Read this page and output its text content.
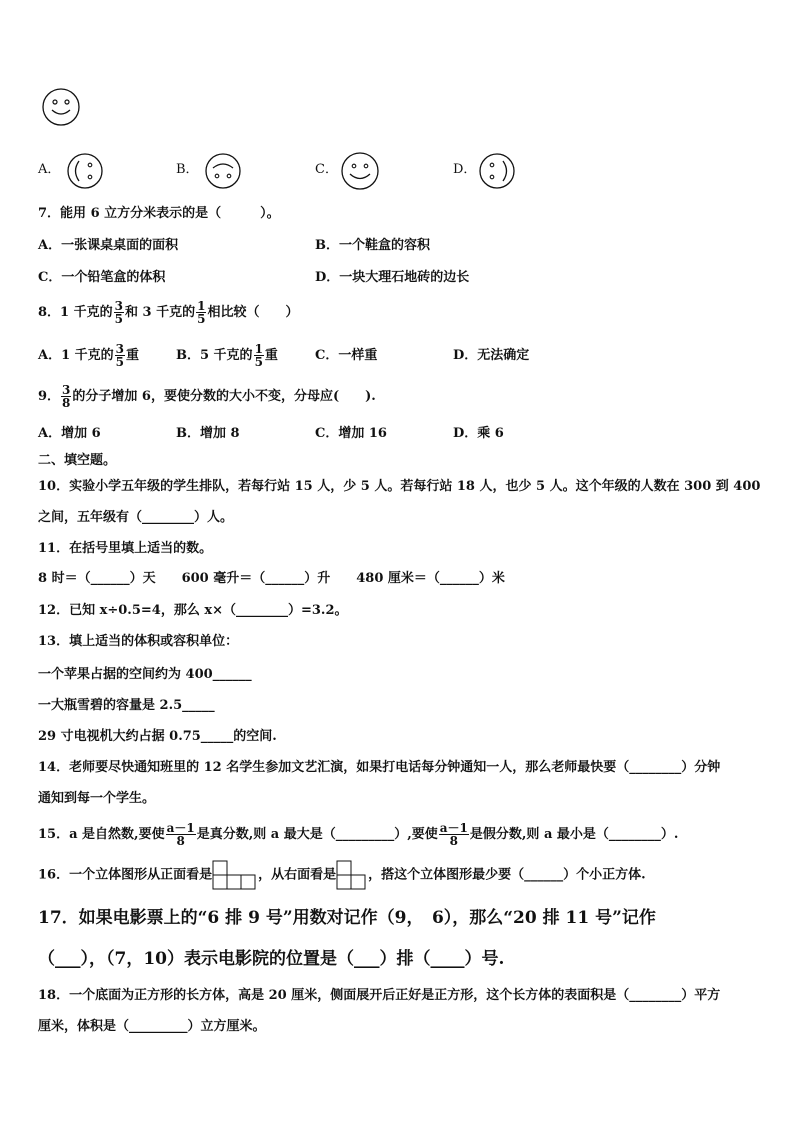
A．	B．	C．	D．
7．能用 6 立方分米表示的是（　　　）。
A．一张课桌桌面的面积	B．一个鞋盒的容积
C．一个铅笔盒的体积	D．一块大理石地砖的边长
8．1 千克的 $\frac{3}{5}$ 和 3 千克的 $\frac{1}{5}$ 相比较（　　）
A．1 千克的 $\frac{3}{5}$ 重	B．5 千克的 $\frac{1}{5}$ 重	C．一样重	D．无法确定
9． $\frac{3}{8}$ 的分子增加 6，要使分数的大小不变，分母应(　　).
A．增加 6	B．增加 8	C．增加 16	D．乘 6
二、填空题。
10．实验小学五年级的学生排队，若每行站 15 人，少 5 人。若每行站 18 人，也少 5 人。这个年级的人数在 300 到 400
之间，五年级有（________）人。
11．在括号里填上适当的数。
8 时＝（______）天　　600 毫升＝（______）升　　480 厘米＝（______）米
12．已知 x÷0.5=4，那么 x×（________）=3.2。
13．填上适当的体积或容积单位：
一个苹果占据的空间约为 400______
一大瓶雪碧的容量是 2.5_____
29 寸电视机大约占据 0.75_____的空间.
14．老师要尽快通知班里的 12 名学生参加文艺汇演，如果打电话每分钟通知一人，那么老师最快要（________）分钟
通知到每一个学生。
15．a 是自然数,要使 $\frac{a-1}{8}$ 是真分数,则 a 最大是（_________）,要使 $\frac{a-1}{8}$ 是假分数,则 a 最小是（________）.
16．一个立体图形从正面看是	，从右面看是 ，搭这个立体图形最少要（______）个小正方体.
17．如果电影票上的“6 排 9 号”用数对记作（9，　6），那么“20 排 11 号”记作
（___），（7，10）表示电影院的位置是（___）排（____）号.
18．一个底面为正方形的长方体，高是 20 厘米，侧面展开后正好是正方形，这个长方体的表面积是（________）平方
厘米，体积是（_________）立方厘米。
